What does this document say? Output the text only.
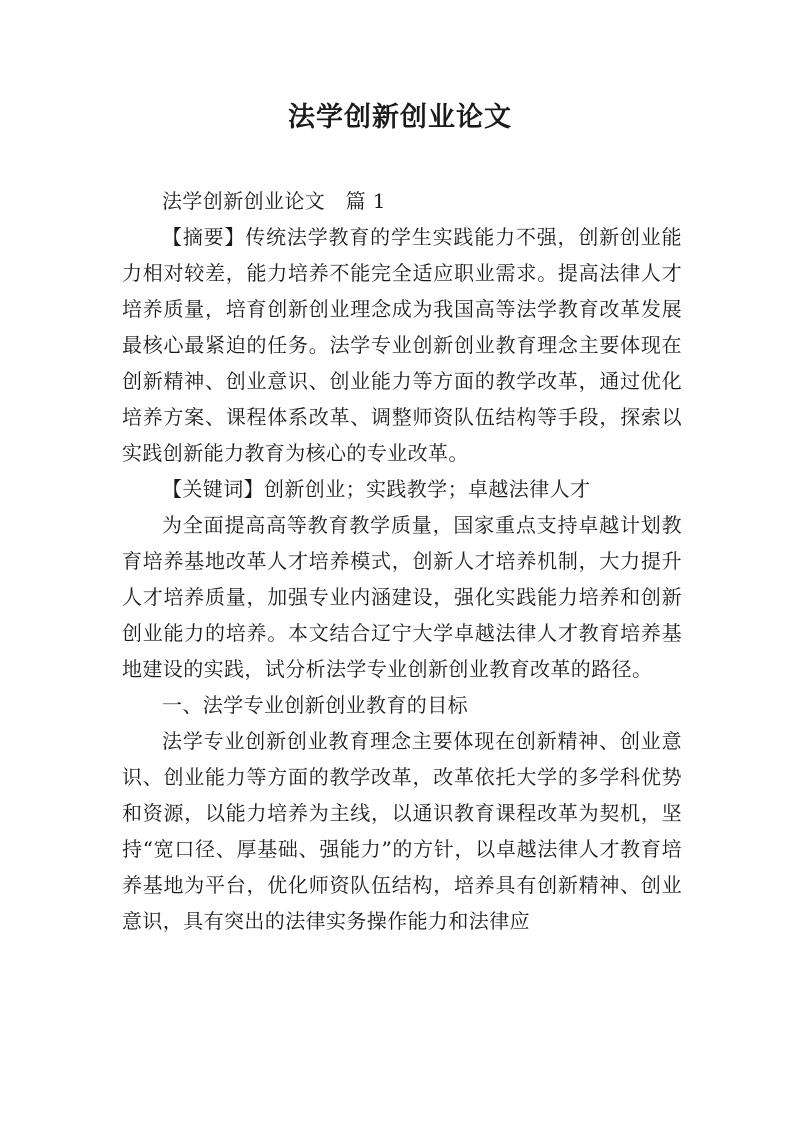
法学创新创业论文

法学创新创业论文　篇 1

【摘要】传统法学教育的学生实践能力不强，创新创业能力相对较差，能力培养不能完全适应职业需求。提高法律人才培养质量，培育创新创业理念成为我国高等法学教育改革发展最核心最紧迫的任务。法学专业创新创业教育理念主要体现在创新精神、创业意识、创业能力等方面的教学改革，通过优化培养方案、课程体系改革、调整师资队伍结构等手段，探索以实践创新能力教育为核心的专业改革。

【关键词】创新创业；实践教学；卓越法律人才

为全面提高高等教育教学质量，国家重点支持卓越计划教育培养基地改革人才培养模式，创新人才培养机制，大力提升人才培养质量，加强专业内涵建设，强化实践能力培养和创新创业能力的培养。本文结合辽宁大学卓越法律人才教育培养基地建设的实践，试分析法学专业创新创业教育改革的路径。

一、法学专业创新创业教育的目标

法学专业创新创业教育理念主要体现在创新精神、创业意识、创业能力等方面的教学改革，改革依托大学的多学科优势和资源，以能力培养为主线，以通识教育课程改革为契机，坚持“宽口径、厚基础、强能力”的方针，以卓越法律人才教育培养基地为平台，优化师资队伍结构，培养具有创新精神、创业意识，具有突出的法律实务操作能力和法律应
